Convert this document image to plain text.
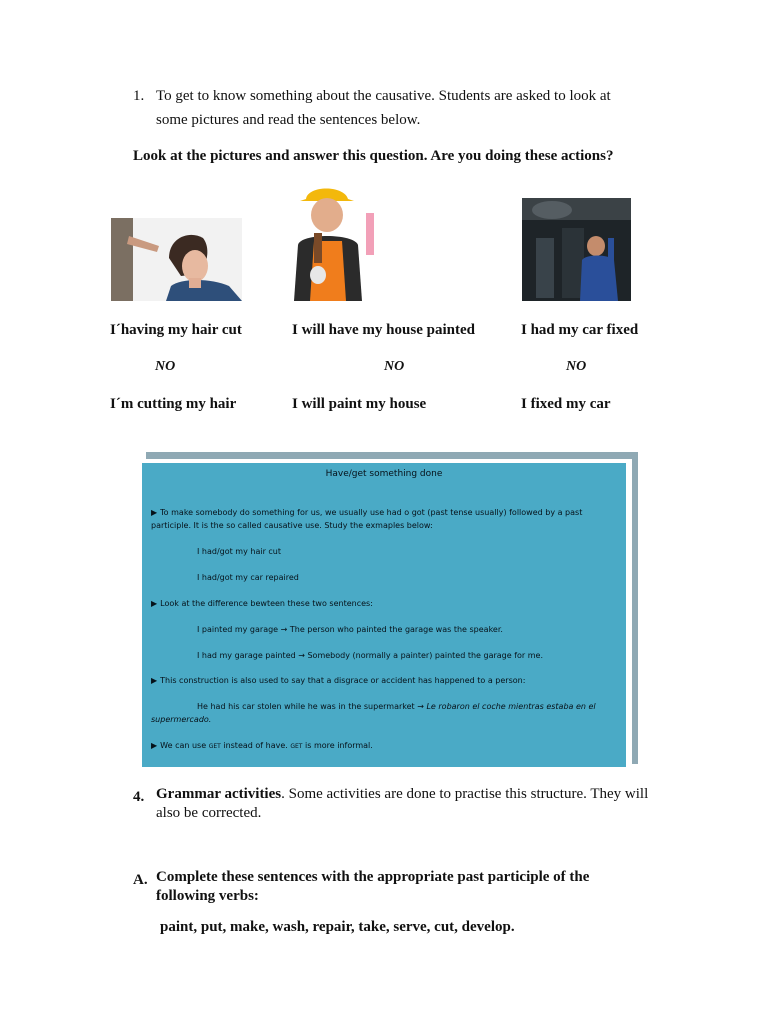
1. To get to know something about the causative. Students are asked to look at some pictures and read the sentences below.
Look at the pictures and answer this question. Are you doing these actions?
I´having my hair cut	I will have my house painted	I had my car fixed
NO	NO	NO
I´m cutting my hair	I will paint my house	I fixed my car

Have/get something done

▶ To make somebody do something for us, we usually use had o got (past tense usually) followed by a past

participle. It is the so called causative use. Study the exmaples below:

I had/got my hair cut

I had/got my car repaired

▶ Look at the difference bewteen these two sentences:

I painted my garage → The person who painted the garage was the speaker.

I had my garage painted → Somebody (normally a painter) painted the garage for me.

▶ This construction is also used to say that a disgrace or accident has happened to a person:

He had his car stolen while he was in the supermarket → Le robaron el coche mientras estaba en el

supermercado.

▶ We can use GET instead of have. GET is more informal.

4. Grammar activities. Some activities are done to practise this structure. They will also be corrected.
A. Complete these sentences with the appropriate past participle of the following verbs:
paint, put, make, wash, repair, take, serve, cut, develop.
